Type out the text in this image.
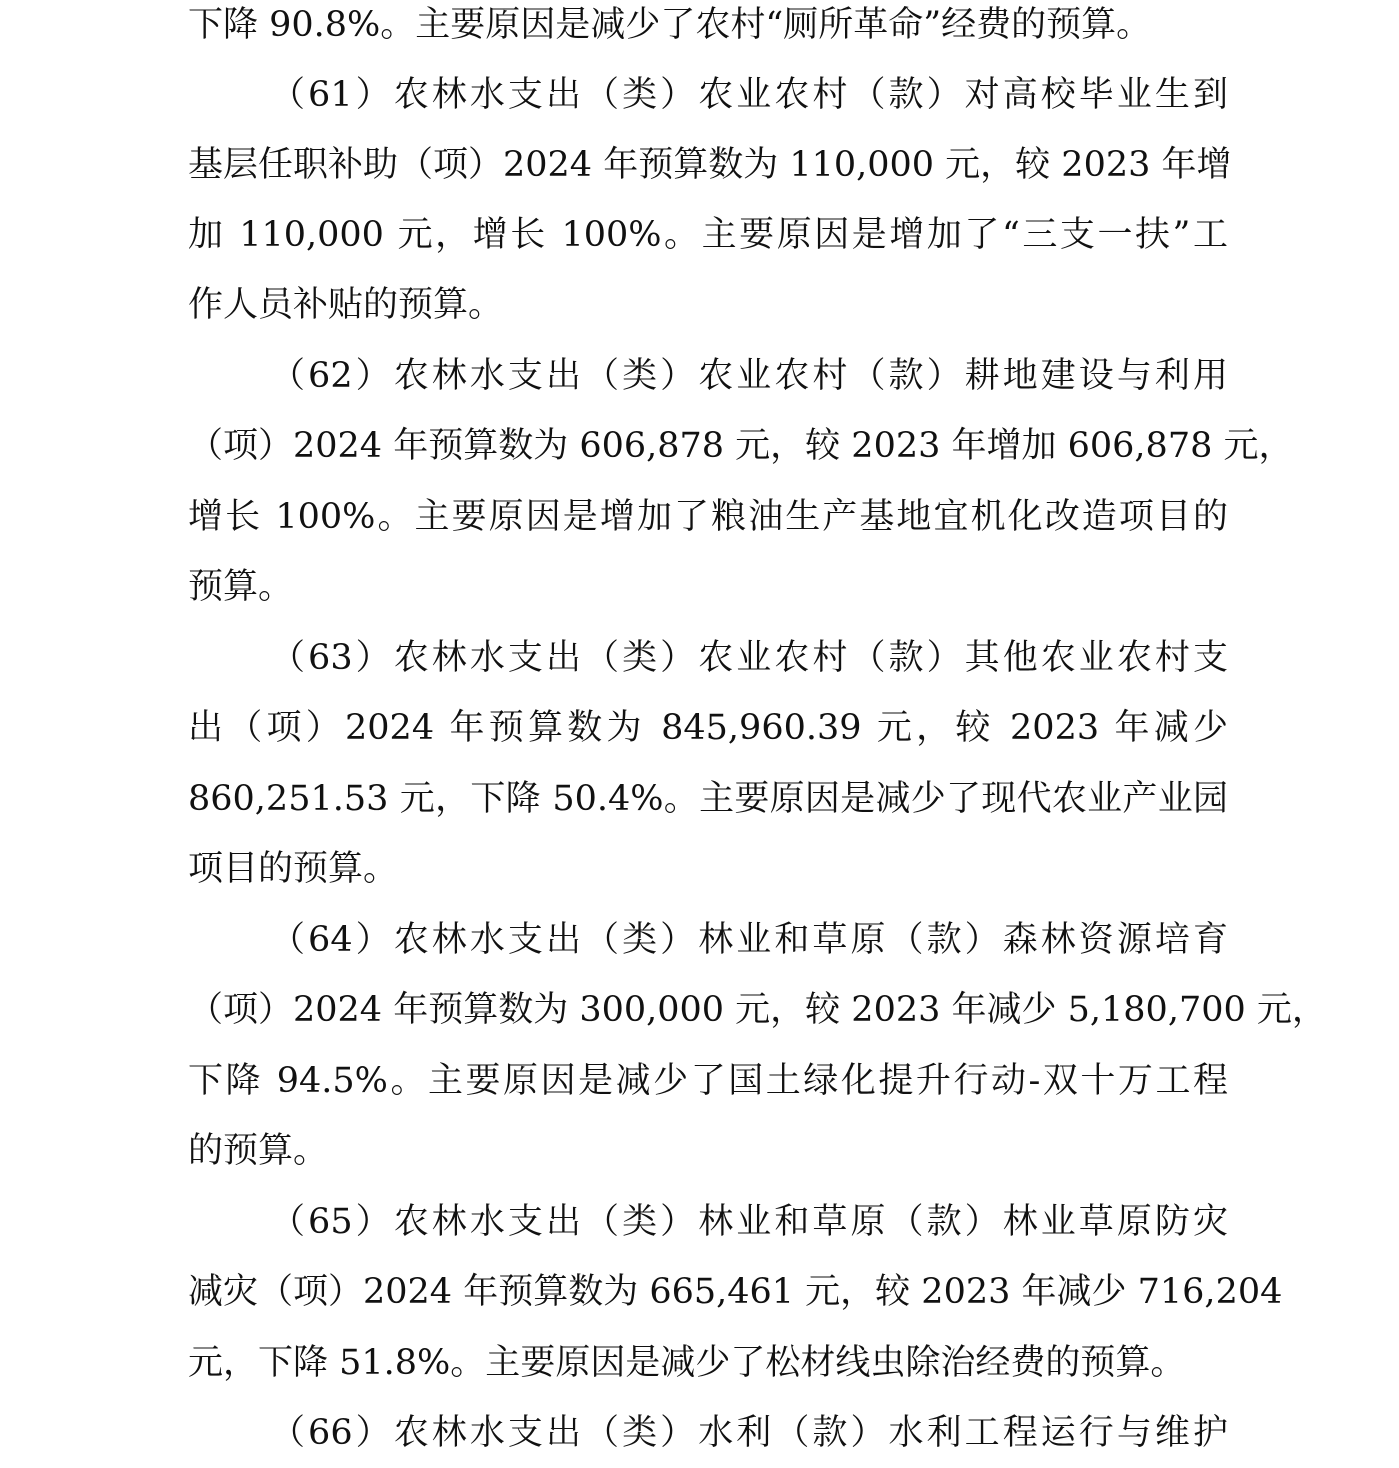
下降 90.8%。主要原因是减少了农村“厕所革命”经费的预算。
（61）农林水支出（类）农业农村（款）对高校毕业生到
基层任职补助（项）2024 年预算数为 110,000 元，较 2023 年增
加 110,000 元，增长 100%。主要原因是增加了“三支一扶”工
作人员补贴的预算。
（62）农林水支出（类）农业农村（款）耕地建设与利用
（项）2024 年预算数为 606,878 元，较 2023 年增加 606,878 元，
增长 100%。主要原因是增加了粮油生产基地宜机化改造项目的
预算。
（63）农林水支出（类）农业农村（款）其他农业农村支
出（项）2024 年预算数为 845,960.39 元，较 2023 年减少
860,251.53 元，下降 50.4%。主要原因是减少了现代农业产业园
项目的预算。
（64）农林水支出（类）林业和草原（款）森林资源培育
（项）2024 年预算数为 300,000 元，较 2023 年减少 5,180,700 元，
下降 94.5%。主要原因是减少了国土绿化提升行动-双十万工程
的预算。
（65）农林水支出（类）林业和草原（款）林业草原防灾
减灾（项）2024 年预算数为 665,461 元，较 2023 年减少 716,204
元，下降 51.8%。主要原因是减少了松材线虫除治经费的预算。
（66）农林水支出（类）水利（款）水利工程运行与维护
